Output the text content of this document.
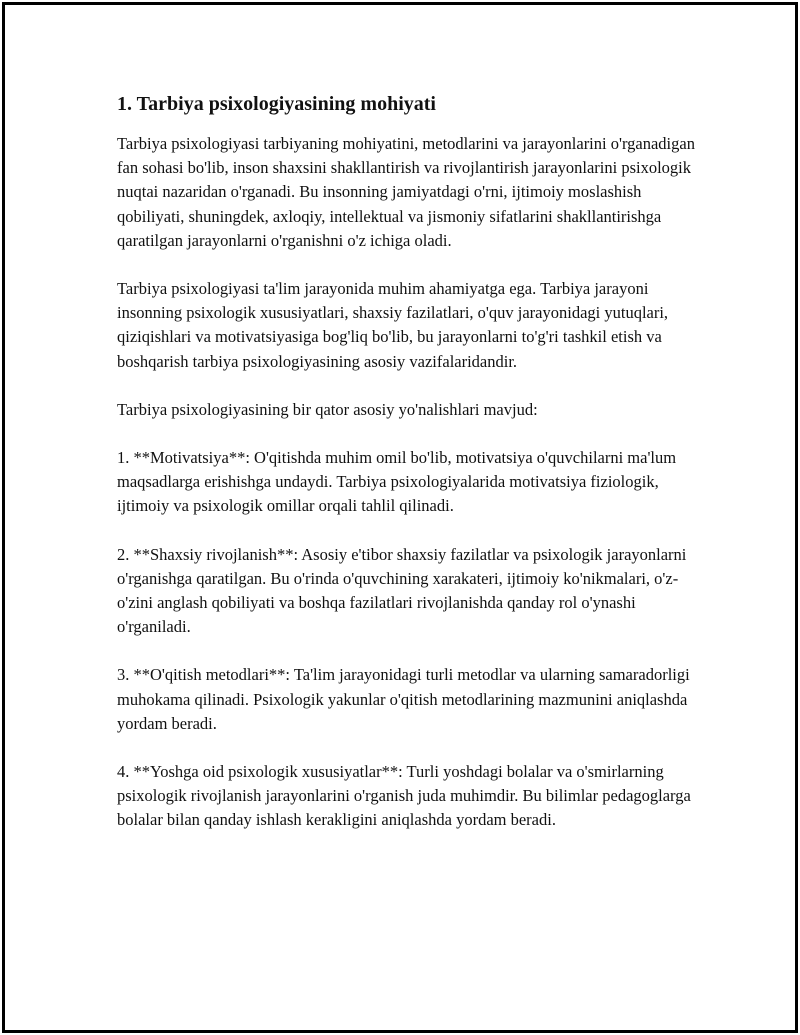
1. Tarbiya psixologiyasining mohiyati

Tarbiya psixologiyasi tarbiyaning mohiyatini, metodlarini va jarayonlarini o'rganadigan fan sohasi bo'lib, inson shaxsini shakllantirish va rivojlantirish jarayonlarini psixologik nuqtai nazaridan o'rganadi. Bu insonning jamiyatdagi o'rni, ijtimoiy moslashish qobiliyati, shuningdek, axloqiy, intellektual va jismoniy sifatlarini shakllantirishga qaratilgan jarayonlarni o'rganishni o'z ichiga oladi.

Tarbiya psixologiyasi ta'lim jarayonida muhim ahamiyatga ega. Tarbiya jarayoni insonning psixologik xususiyatlari, shaxsiy fazilatlari, o'quv jarayonidagi yutuqlari, qiziqishlari va motivatsiyasiga bog'liq bo'lib, bu jarayonlarni to'g'ri tashkil etish va boshqarish tarbiya psixologiyasining asosiy vazifalaridandir.

Tarbiya psixologiyasining bir qator asosiy yo'nalishlari mavjud:

1. **Motivatsiya**: O'qitishda muhim omil bo'lib, motivatsiya o'quvchilarni ma'lum maqsadlarga erishishga undaydi. Tarbiya psixologiyalarida motivatsiya fiziologik, ijtimoiy va psixologik omillar orqali tahlil qilinadi.

2. **Shaxsiy rivojlanish**: Asosiy e'tibor shaxsiy fazilatlar va psixologik jarayonlarni o'rganishga qaratilgan. Bu o'rinda o'quvchining xarakateri, ijtimoiy ko'nikmalari, o'z-o'zini anglash qobiliyati va boshqa fazilatlari rivojlanishda qanday rol o'ynashi o'rganiladi.

3. **O'qitish metodlari**: Ta'lim jarayonidagi turli metodlar va ularning samaradorligi muhokama qilinadi. Psixologik yakunlar o'qitish metodlarining mazmunini aniqlashda yordam beradi.

4. **Yoshga oid psixologik xususiyatlar**: Turli yoshdagi bolalar va o'smirlarning psixologik rivojlanish jarayonlarini o'rganish juda muhimdir. Bu bilimlar pedagoglarga bolalar bilan qanday ishlash kerakligini aniqlashda yordam beradi.
